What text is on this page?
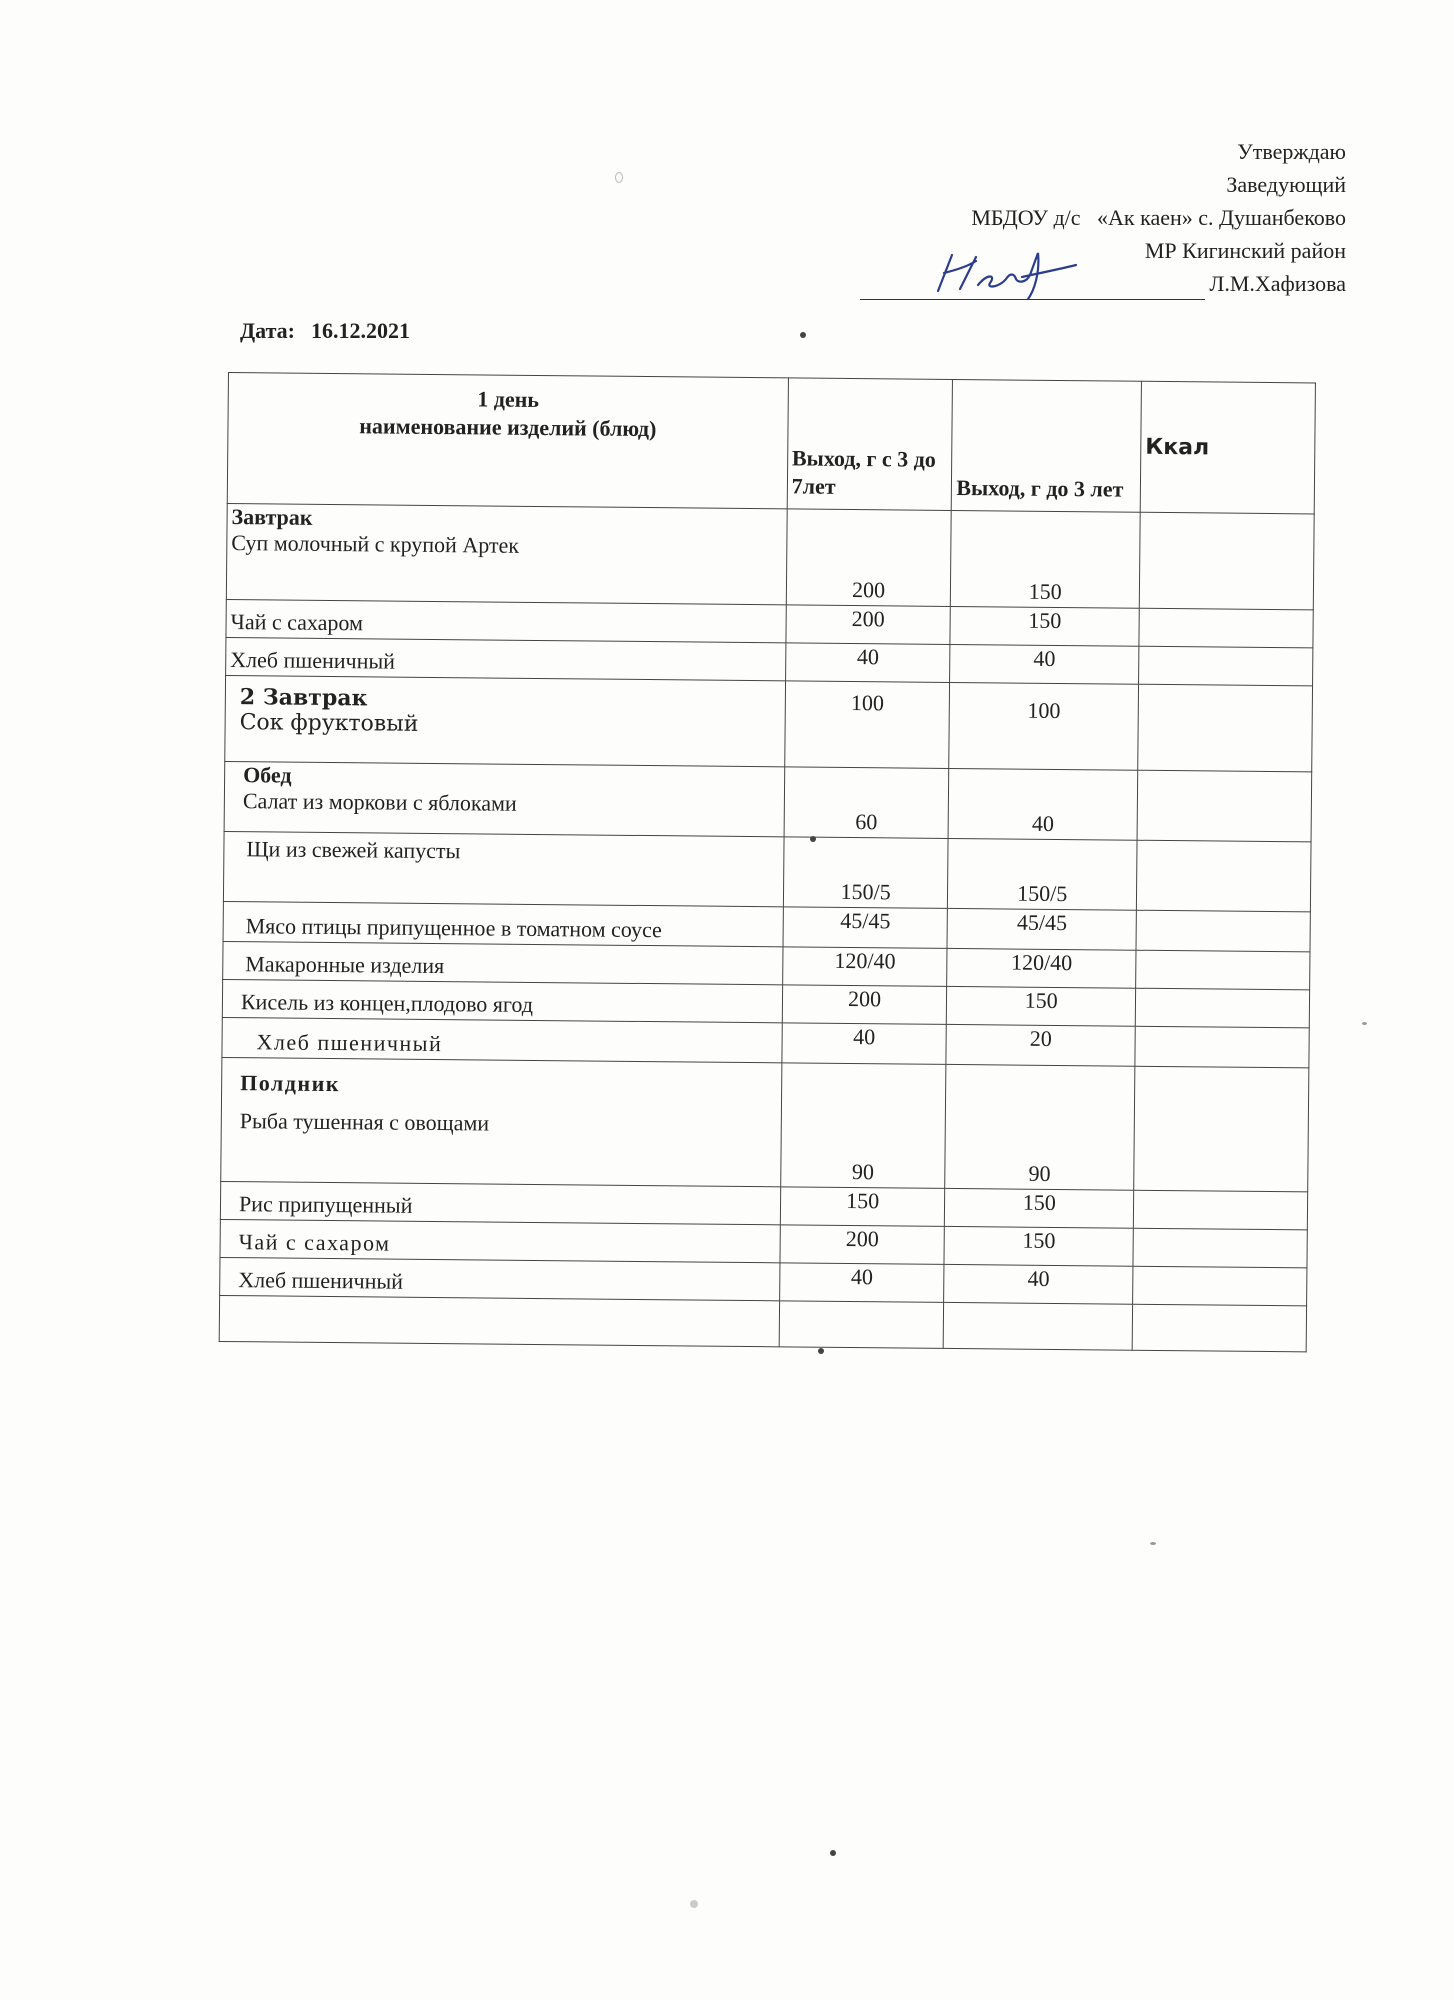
Утверждаю
Заведующий
МБДОУ д/с   «Ак каен» с. Душанбеково
МР Кигинский район
Л.М.Хафизова
Дата: 16.12.2021
1 день
наименование изделий (блюд)	Выход, г с 3 до 7лет	Выход, г до 3 лет	Ккал

Завтрак
Суп молочный с крупой Артек	200	150	
Чай с сахаром	200	150	
Хлеб пшеничный	40	40	

2 Завтрак
Сок фруктовый	100	100	

Обед
Салат из моркови с яблоками	60	40	
Щи из свежей капусты	150/5	150/5	
Мясо птицы припущенное в томатном соусе	45/45	45/45	
Макаронные изделия	120/40	120/40	
Кисель из концен,плодово ягод	200	150	
Хлеб пшеничный	40	20	

Полдник
Рыба тушенная с овощами	90	90	
Рис припущенный	150	150	
Чай с сахаром	200	150	
Хлеб пшеничный	40	40	
